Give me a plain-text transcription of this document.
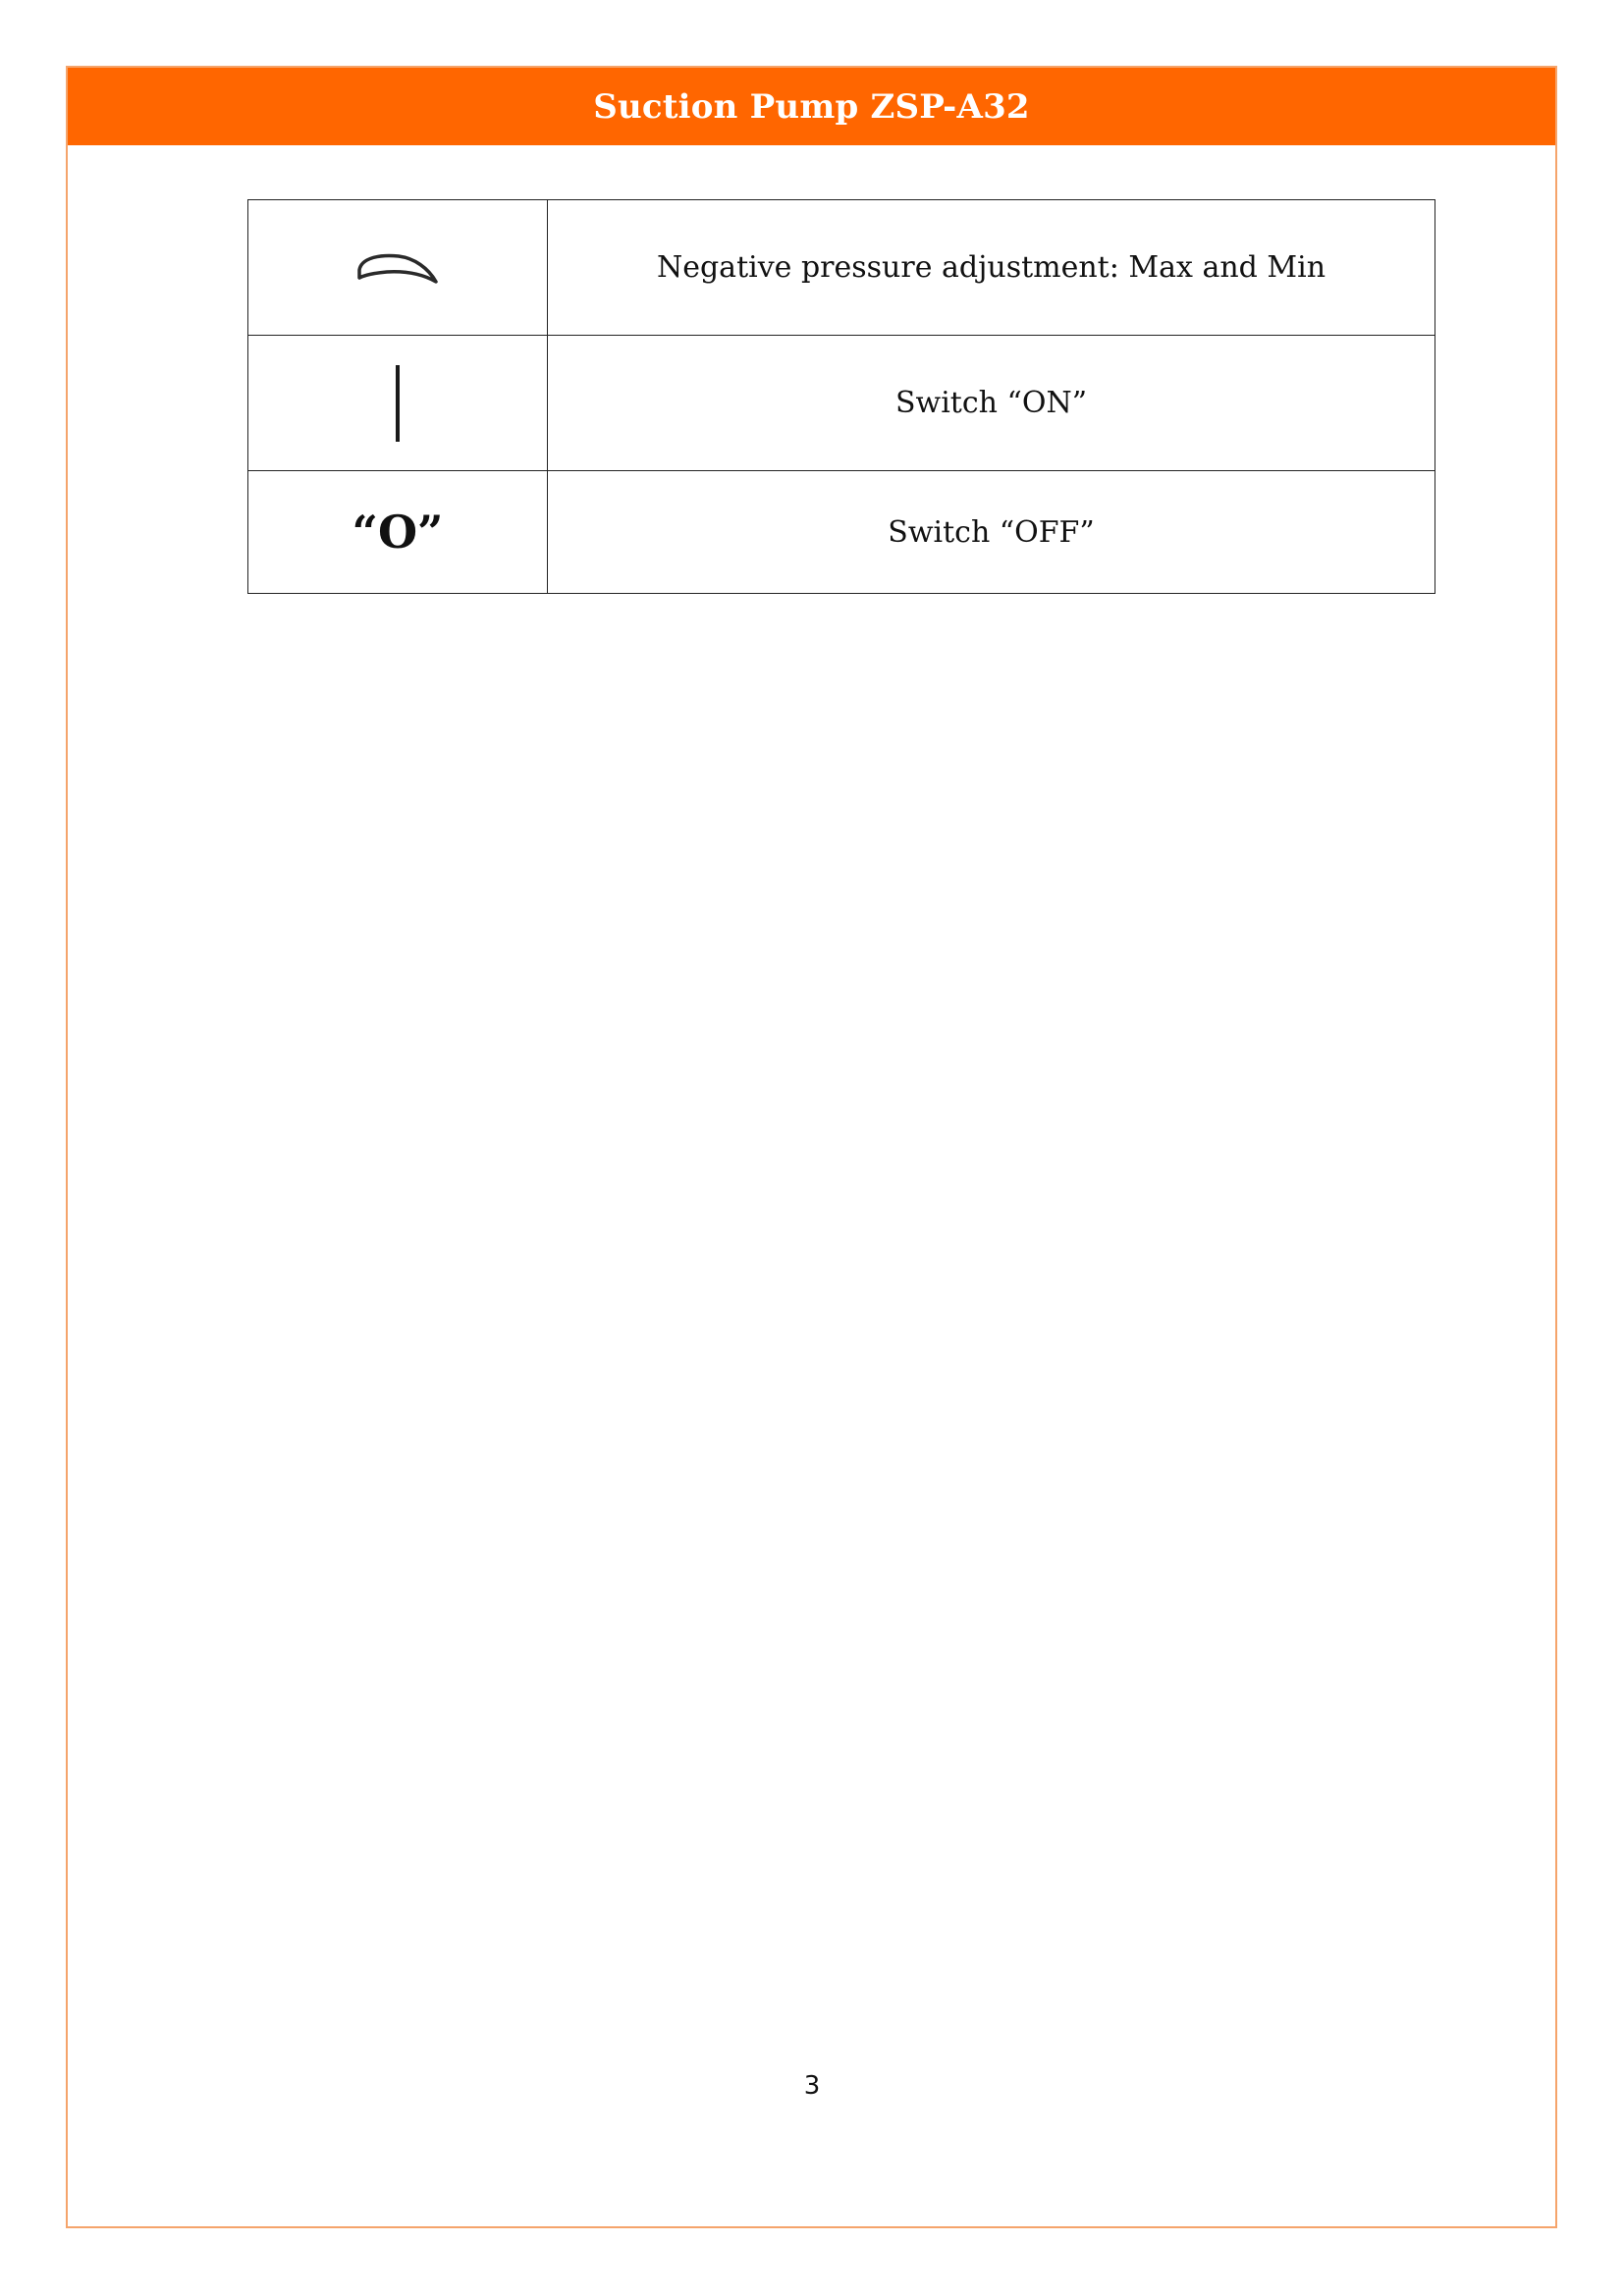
Suction Pump ZSP-A32
	Negative pressure adjustment: Max and Min

	Switch “ON”
“O”	Switch “OFF”
3
